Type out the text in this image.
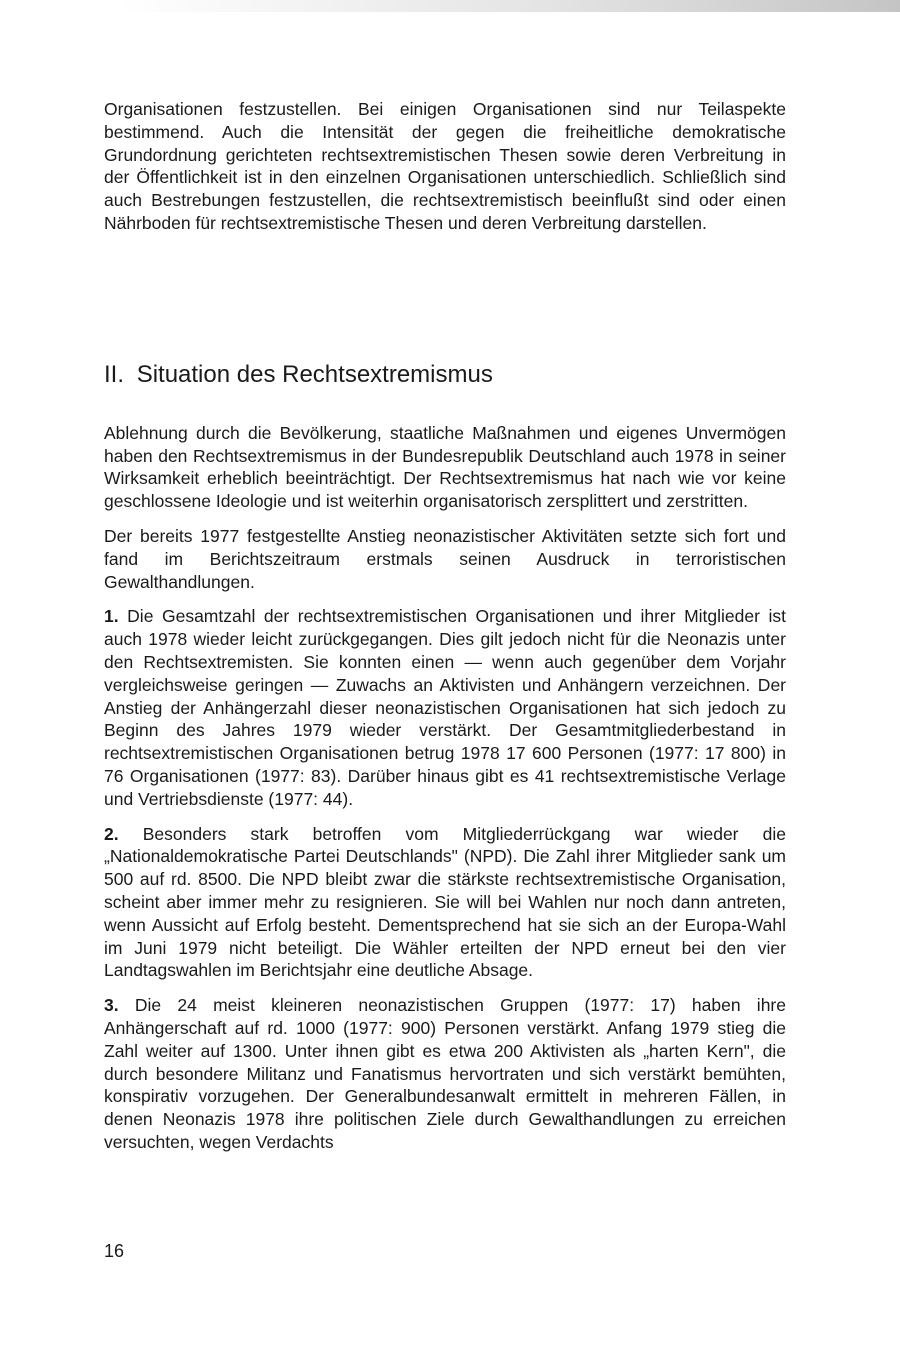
Organisationen festzustellen. Bei einigen Organisationen sind nur Teilaspekte bestimmend. Auch die Intensität der gegen die freiheitliche demokratische Grundordnung gerichteten rechtsextremistischen Thesen sowie deren Verbreitung in der Öffentlichkeit ist in den einzelnen Organisationen unterschiedlich. Schließlich sind auch Bestrebungen festzustellen, die rechtsextremistisch beeinflußt sind oder einen Nährboden für rechtsextremistische Thesen und deren Verbreitung darstellen.

II. Situation des Rechtsextremismus

Ablehnung durch die Bevölkerung, staatliche Maßnahmen und eigenes Unvermögen haben den Rechtsextremismus in der Bundesrepublik Deutschland auch 1978 in seiner Wirksamkeit erheblich beeinträchtigt. Der Rechtsextremismus hat nach wie vor keine geschlossene Ideologie und ist weiterhin organisatorisch zersplittert und zerstritten.

Der bereits 1977 festgestellte Anstieg neonazistischer Aktivitäten setzte sich fort und fand im Berichtszeitraum erstmals seinen Ausdruck in terroristischen Gewalthandlungen.

1. Die Gesamtzahl der rechtsextremistischen Organisationen und ihrer Mitglieder ist auch 1978 wieder leicht zurückgegangen. Dies gilt jedoch nicht für die Neonazis unter den Rechtsextremisten. Sie konnten einen — wenn auch gegenüber dem Vorjahr vergleichsweise geringen — Zuwachs an Aktivisten und Anhängern verzeichnen. Der Anstieg der Anhängerzahl dieser neonazistischen Organisationen hat sich jedoch zu Beginn des Jahres 1979 wieder verstärkt. Der Gesamtmitgliederbestand in rechtsextremistischen Organisationen betrug 1978 17 600 Personen (1977: 17 800) in 76 Organisationen (1977: 83). Darüber hinaus gibt es 41 rechtsextremistische Verlage und Vertriebsdienste (1977: 44).

2. Besonders stark betroffen vom Mitgliederrückgang war wieder die „Nationaldemokratische Partei Deutschlands" (NPD). Die Zahl ihrer Mitglieder sank um 500 auf rd. 8500. Die NPD bleibt zwar die stärkste rechtsextremistische Organisation, scheint aber immer mehr zu resignieren. Sie will bei Wahlen nur noch dann antreten, wenn Aussicht auf Erfolg besteht. Dementsprechend hat sie sich an der Europa-Wahl im Juni 1979 nicht beteiligt. Die Wähler erteilten der NPD erneut bei den vier Landtagswahlen im Berichtsjahr eine deutliche Absage.

3. Die 24 meist kleineren neonazistischen Gruppen (1977: 17) haben ihre Anhängerschaft auf rd. 1000 (1977: 900) Personen verstärkt. Anfang 1979 stieg die Zahl weiter auf 1300. Unter ihnen gibt es etwa 200 Aktivisten als „harten Kern", die durch besondere Militanz und Fanatismus hervortraten und sich verstärkt bemühten, konspirativ vorzugehen. Der Generalbundesanwalt ermittelt in mehreren Fällen, in denen Neonazis 1978 ihre politischen Ziele durch Gewalthandlungen zu erreichen versuchten, wegen Verdachts

16
